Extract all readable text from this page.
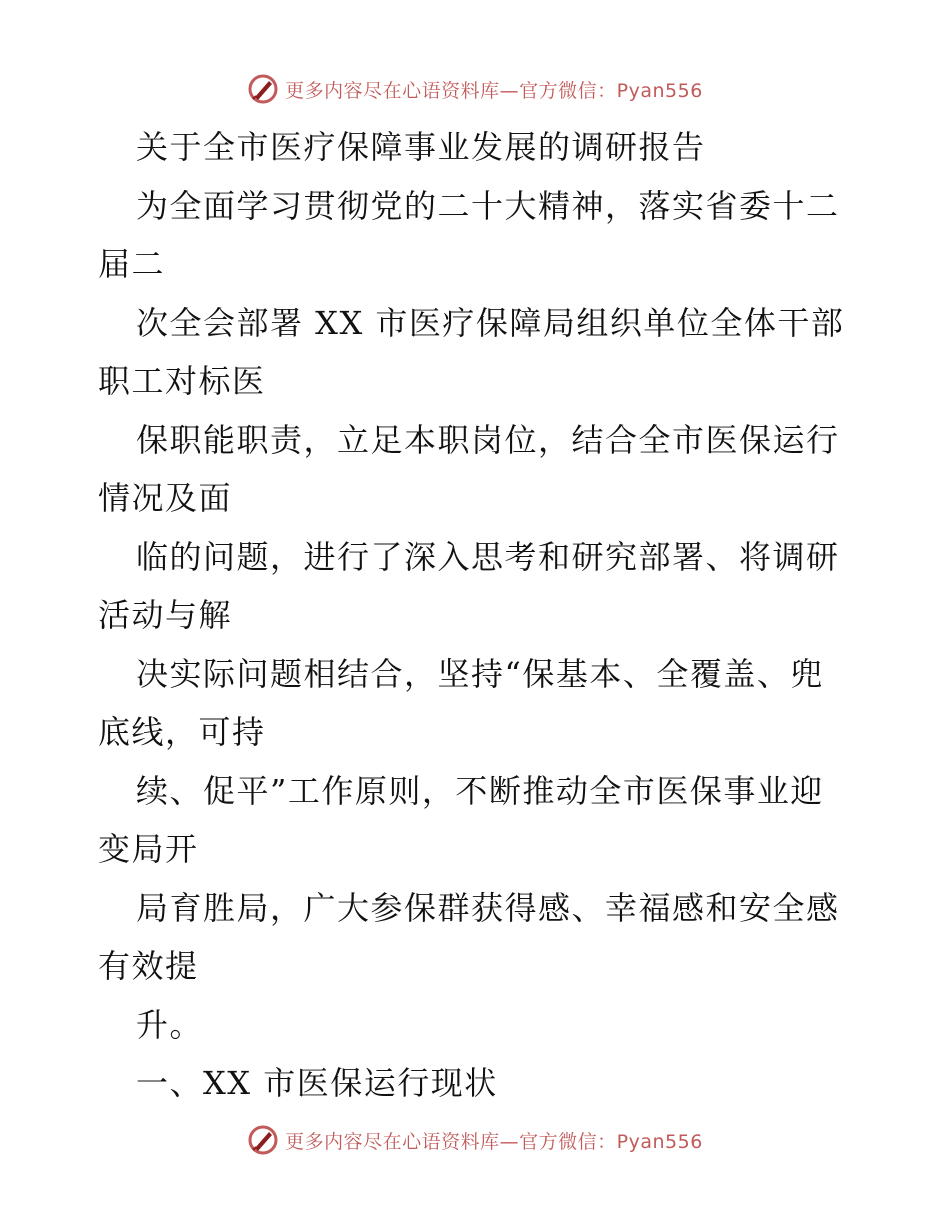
更多内容尽在心语资料库—官方微信：Pyan556
关于全市医疗保障事业发展的调研报告
为全面学习贯彻党的二十大精神，落实省委十二
届二
次全会部署 XX 市医疗保障局组织单位全体干部
职工对标医
保职能职责，立足本职岗位，结合全市医保运行
情况及面
临的问题，进行了深入思考和研究部署、将调研
活动与解
决实际问题相结合，坚持“保基本、全覆盖、兜
底线，可持
续、促平”工作原则，不断推动全市医保事业迎
变局开
局育胜局，广大参保群获得感、幸福感和安全感
有效提
升。
一、XX 市医保运行现状
更多内容尽在心语资料库—官方微信：Pyan556
